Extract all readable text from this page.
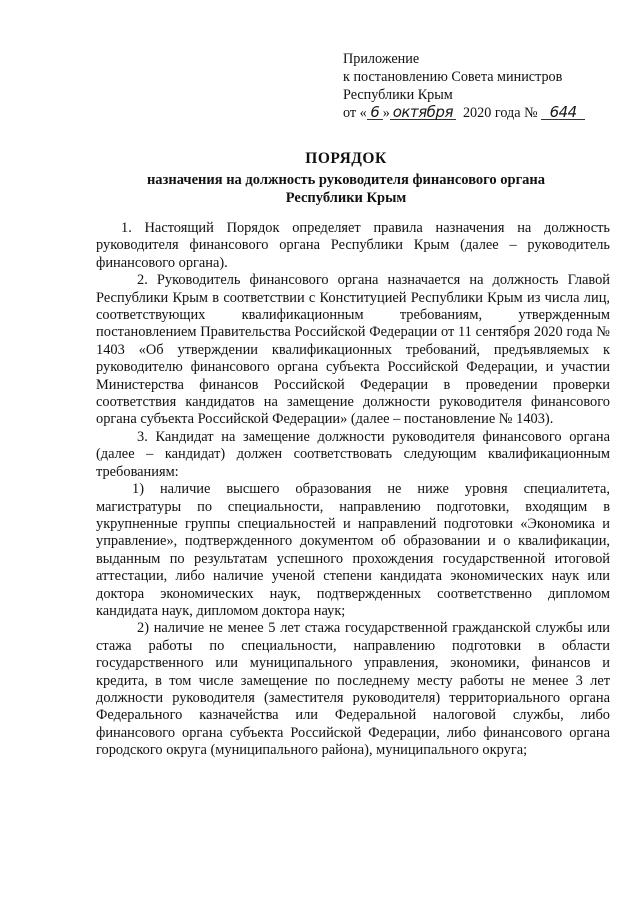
Приложение
к постановлению Совета министров
Республики Крым
от « 6 » октября 2020 года № 644
ПОРЯДОК
назначения на должность руководителя финансового органа
Республики Крым

1. Настоящий Порядок определяет правила назначения на должность руководителя финансового органа Республики Крым (далее – руководитель финансового органа).

2. Руководитель финансового органа назначается на должность Главой Республики Крым в соответствии с Конституцией Республики Крым из числа лиц, соответствующих квалификационным требованиям, утвержденным постановлением Правительства Российской Федерации от 11 сентября 2020 года № 1403 «Об утверждении квалификационных требований, предъявляемых к руководителю финансового органа субъекта Российской Федерации, и участии Министерства финансов Российской Федерации в проведении проверки соответствия кандидатов на замещение должности руководителя финансового органа субъекта Российской Федерации» (далее – постановление № 1403).

3. Кандидат на замещение должности руководителя финансового органа (далее – кандидат) должен соответствовать следующим квалификационным требованиям:

1) наличие высшего образования не ниже уровня специалитета, магистратуры по специальности, направлению подготовки, входящим в укрупненные группы специальностей и направлений подготовки «Экономика и управление», подтвержденного документом об образовании и о квалификации, выданным по результатам успешного прохождения государственной итоговой аттестации, либо наличие ученой степени кандидата экономических наук или доктора экономических наук, подтвержденных соответственно дипломом кандидата наук, дипломом доктора наук;

2) наличие не менее 5 лет стажа государственной гражданской службы или стажа работы по специальности, направлению подготовки в области государственного или муниципального управления, экономики, финансов и кредита, в том числе замещение по последнему месту работы не менее 3 лет должности руководителя (заместителя руководителя) территориального органа Федерального казначейства или Федеральной налоговой службы, либо финансового органа субъекта Российской Федерации, либо финансового органа городского округа (муниципального района), муниципального округа;
